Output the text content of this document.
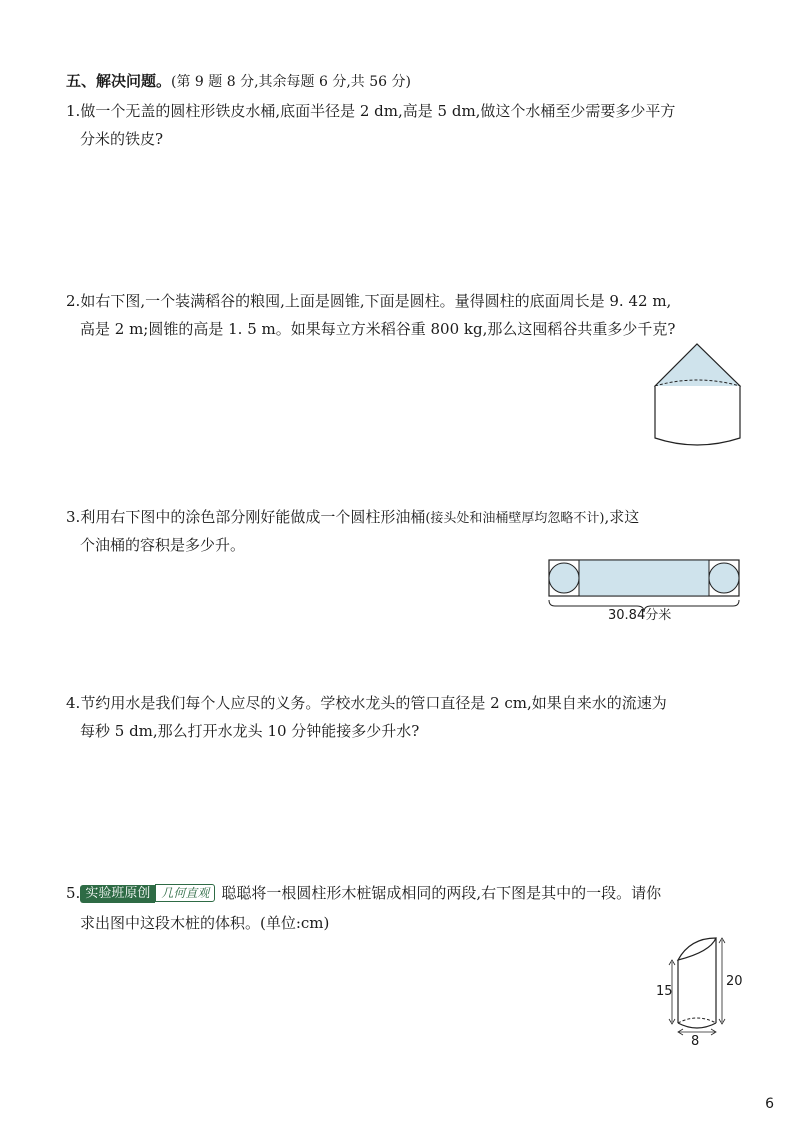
五、解决问题。(第 9 题 8 分,其余每题 6 分,共 56 分)
1.做一个无盖的圆柱形铁皮水桶,底面半径是 2 dm,高是 5 dm,做这个水桶至少需要多少平方
分米的铁皮?
2.如右下图,一个装满稻谷的粮囤,上面是圆锥,下面是圆柱。量得圆柱的底面周长是 9. 42 m,
高是 2 m;圆锥的高是 1. 5 m。如果每立方米稻谷重 800 kg,那么这囤稻谷共重多少千克?
3.利用右下图中的涂色部分刚好能做成一个圆柱形油桶(接头处和油桶壁厚均忽略不计),求这
个油桶的容积是多少升。
30.84分米
4.节约用水是我们每个人应尽的义务。学校水龙头的管口直径是 2 cm,如果自来水的流速为
每秒 5 dm,那么打开水龙头 10 分钟能接多少升水?
5. 实验班原创 几何直观 聪聪将一根圆柱形木桩锯成相同的两段,右下图是其中的一段。请你
求出图中这段木桩的体积。(单位:cm)
15
20
8
6
